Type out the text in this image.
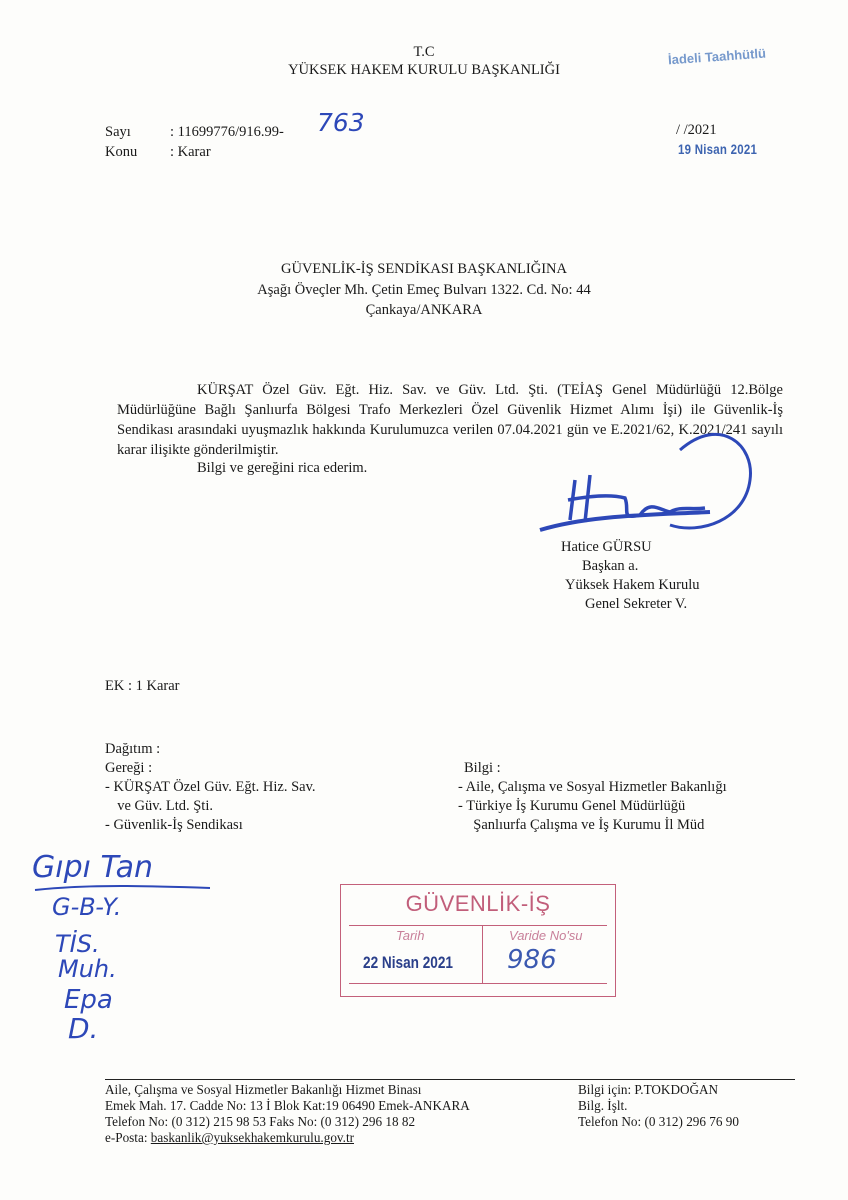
T.C
YÜKSEK HAKEM KURULU BAŞKANLIĞI
İadeli Taahhütlü
Sayı	: 11699776/916.99- 763
Konu : Karar
/ /2021
19 Nisan 2021
GÜVENLİK-İŞ SENDİKASI BAŞKANLIĞINA
Aşağı Öveçler Mh. Çetin Emeç Bulvarı 1322. Cd. No: 44
Çankaya/ANKARA
KÜRŞAT Özel Güv. Eğt. Hiz. Sav. ve Güv. Ltd. Şti. (TEİAŞ Genel Müdürlüğü 12.Bölge Müdürlüğüne Bağlı Şanlıurfa Bölgesi Trafo Merkezleri Özel Güvenlik Hizmet Alımı İşi) ile Güvenlik-İş Sendikası arasındaki uyuşmazlık hakkında Kurulumuzca verilen 07.04.2021 gün ve E.2021/62, K.2021/241 sayılı karar ilişikte gönderilmiştir.
Bilgi ve gereğini rica ederim.
Hatice GÜRSU
Başkan a.
Yüksek Hakem Kurulu
Genel Sekreter V.
EK : 1 Karar
Dağıtım :
Gereği :
- KÜRŞAT Özel Güv. Eğt. Hiz. Sav.
ve Güv. Ltd. Şti.
- Güvenlik-İş Sendikası
Bilgi :
- Aile, Çalışma ve Sosyal Hizmetler Bakanlığı
- Türkiye İş Kurumu Genel Müdürlüğü
Şanlıurfa Çalışma ve İş Kurumu İl Müd
Gıpı Tan
G-B-Y.
TİS.
Muh.
Epa
D.
GÜVENLİK-İŞ
Tarih	Varide No'su
22 Nisan 2021 986
Aile, Çalışma ve Sosyal Hizmetler Bakanlığı Hizmet Binası
Emek Mah. 17. Cadde No: 13 İ Blok Kat:19 06490 Emek-ANKARA
Telefon No: (0 312) 215 98 53 Faks No: (0 312) 296 18 82
e-Posta: baskanlik@yuksekhakemkurulu.gov.tr
Bilgi için: P.TOKDOĞAN
Bilg. İşlt.
Telefon No: (0 312) 296 76 90
